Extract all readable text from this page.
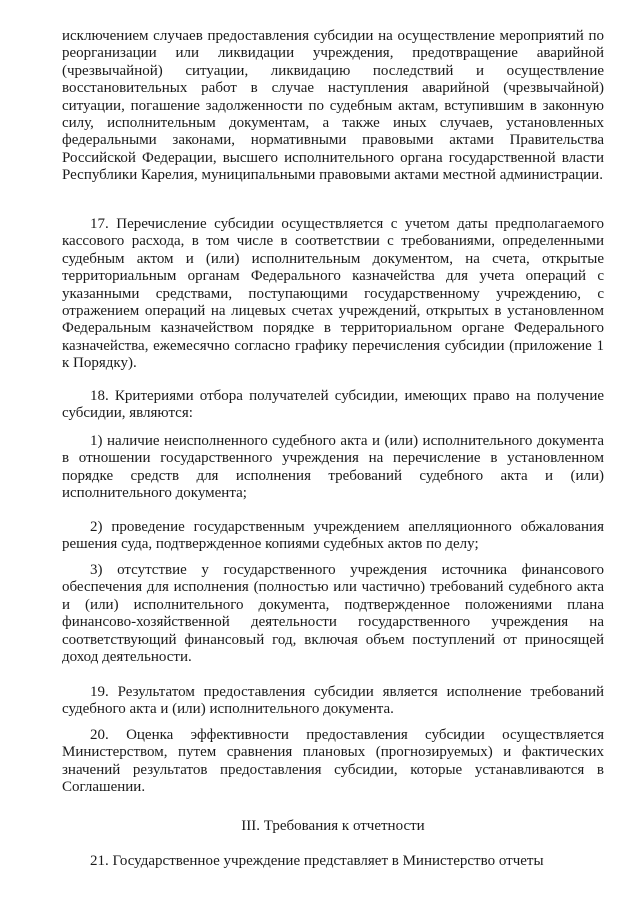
исключением случаев предоставления субсидии на осуществление мероприятий по реорганизации или ликвидации учреждения, предотвращение аварийной (чрезвычайной) ситуации, ликвидацию последствий и осуществление восстановительных работ в случае наступления аварийной (чрезвычайной) ситуации, погашение задолженности по судебным актам, вступившим в законную силу, исполнительным документам, а также иных случаев, установленных федеральными законами, нормативными правовыми актами Правительства Российской Федерации, высшего исполнительного органа государственной власти Республики Карелия, муниципальными правовыми актами местной администрации.

17. Перечисление субсидии осуществляется с учетом даты предполагаемого кассового расхода, в том числе в соответствии с требованиями, определенными судебным актом и (или) исполнительным документом, на счета, открытые территориальным органам Федерального казначейства для учета операций с указанными средствами, поступающими государственному учреждению, с отражением операций на лицевых счетах учреждений, открытых в установленном Федеральным казначейством порядке в территориальном органе Федерального казначейства, ежемесячно согласно графику перечисления субсидии (приложение 1 к Порядку).

18. Критериями отбора получателей субсидии, имеющих право на получение субсидии, являются:

1) наличие неисполненного судебного акта и (или) исполнительного документа в отношении государственного учреждения на перечисление в установленном порядке средств для исполнения требований судебного акта и (или) исполнительного документа;

2) проведение государственным учреждением апелляционного обжалования решения суда, подтвержденное копиями судебных актов по делу;

3) отсутствие у государственного учреждения источника финансового обеспечения для исполнения (полностью или частично) требований судебного акта и (или) исполнительного документа, подтвержденное положениями плана финансово-хозяйственной деятельности государственного учреждения на соответствующий финансовый год, включая объем поступлений от приносящей доход деятельности.

19. Результатом предоставления субсидии является исполнение требований судебного акта и (или) исполнительного документа.

20. Оценка эффективности предоставления субсидии осуществляется Министерством, путем сравнения плановых (прогнозируемых) и фактических значений результатов предоставления субсидии, которые устанавливаются в Соглашении.

III. Требования к отчетности

21. Государственное учреждение представляет в Министерство отчеты
